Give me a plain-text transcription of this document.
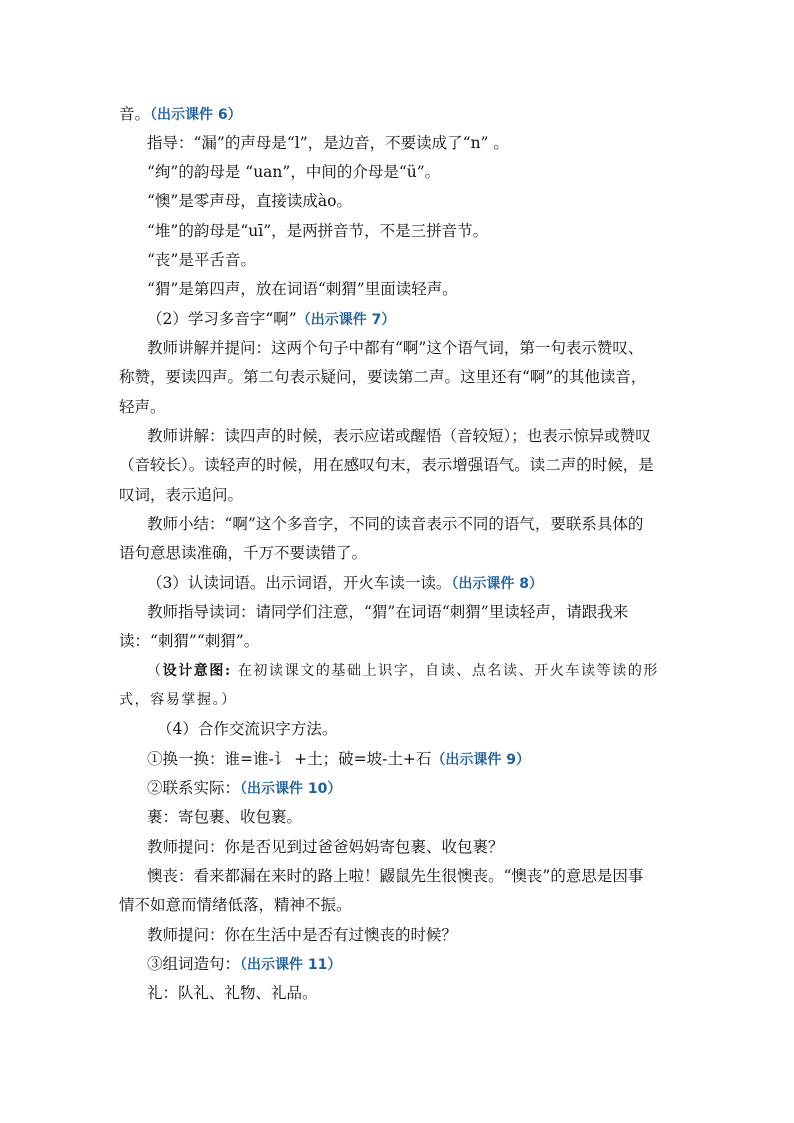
音。（出示课件 6）
指导：“漏”的声母是“l”，是边音，不要读成了“n” 。
“绚”的韵母是 “uan”，中间的介母是“ü”。
“懊”是零声母，直接读成ào。
“堆”的韵母是“uī”，是两拼音节，不是三拼音节。
“丧”是平舌音。
“猬”是第四声，放在词语“刺猬”里面读轻声。
（2）学习多音字“啊”（出示课件 7）
教师讲解并提问：这两个句子中都有“啊”这个语气词，第一句表示赞叹、
称赞，要读四声。第二句表示疑问，要读第二声。这里还有“啊”的其他读音，
轻声。
教师讲解：读四声的时候，表示应诺或醒悟（音较短）；也表示惊异或赞叹
（音较长）。读轻声的时候，用在感叹句末，表示增强语气。读二声的时候，是
叹词，表示追问。
教师小结：“啊”这个多音字，不同的读音表示不同的语气，要联系具体的
语句意思读准确，千万不要读错了。
（3）认读词语。出示词语，开火车读一读。（出示课件 8）
教师指导读词：请同学们注意，“猬”在词语“刺猬”里读轻声，请跟我来
读：“刺猬”“刺猬”。
（设计意图: 在初读课文的基础上识字，自读、点名读、开火车读等读的形
式，容易掌握。）
（4）合作交流识字方法。
①换一换：谁=谁-讠 +土；破=坡-土+石（出示课件 9）
②联系实际：（出示课件 10）
裹：寄包裹、收包裹。
教师提问：你是否见到过爸爸妈妈寄包裹、收包裹？
懊丧：看来都漏在来时的路上啦！鼹鼠先生很懊丧。“懊丧”的意思是因事
情不如意而情绪低落，精神不振。
教师提问：你在生活中是否有过懊丧的时候？
③组词造句：（出示课件 11）
礼：队礼、礼物、礼品。
